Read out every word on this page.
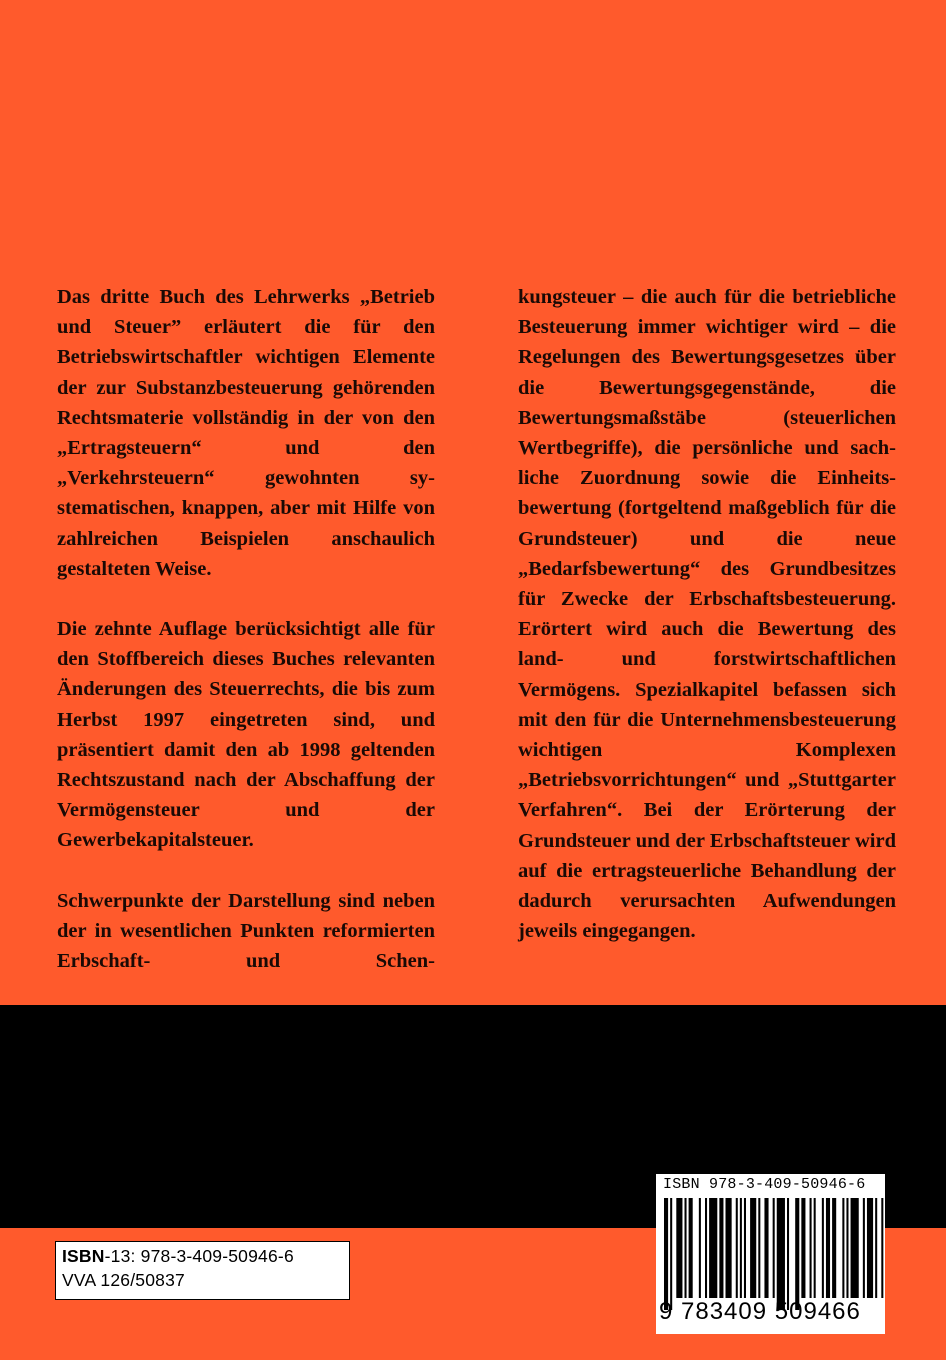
Das dritte Buch des Lehrwerks „Betrieb und Steuer” erläutert die für den Betriebswirtschaftler wichtigen Elemente der zur Substanzbesteuerung gehörenden Rechtsmaterie vollständig in der von den „Ertragsteuern“ und den „Verkehrsteuern“ gewohnten systematischen, knappen, aber mit Hilfe von zahlreichen Beispielen anschaulich gestalteten Weise.

Die zehnte Auflage berücksichtigt alle für den Stoffbereich dieses Buches relevanten Änderungen des Steuerrechts, die bis zum Herbst 1997 eingetreten sind, und präsentiert damit den ab 1998 geltenden Rechtszustand nach der Abschaffung der Vermögensteuer und der Gewerbekapitalsteuer.

Schwerpunkte der Darstellung sind neben der in wesentlichen Punkten reformierten Erbschaft- und Schen-

kungsteuer – die auch für die betriebliche Besteuerung immer wichtiger wird – die Regelungen des Bewertungsgesetzes über die Bewertungsgegenstände, die Bewertungsmaßstäbe (steuerlichen Wertbegriffe), die persönliche und sachliche Zuordnung sowie die Einheitsbewertung (fortgeltend maßgeblich für die Grundsteuer) und die neue „Bedarfsbewertung“ des Grundbesitzes für Zwecke der Erbschaftsbesteuerung. Erörtert wird auch die Bewertung des land- und forstwirtschaftlichen Vermögens. Spezialkapitel befassen sich mit den für die Unternehmensbesteuerung wichtigen Komplexen „Betriebsvorrichtungen“ und „Stuttgarter Verfahren“. Bei der Erörterung der Grundsteuer und der Erbschaftsteuer wird auf die ertragsteuerliche Behandlung der dadurch verursachten Aufwendungen jeweils eingegangen.

ISBN-13: 978-3-409-50946-6
VVA 126/50837
ISBN 978-3-409-50946-6
9 783409 509466
